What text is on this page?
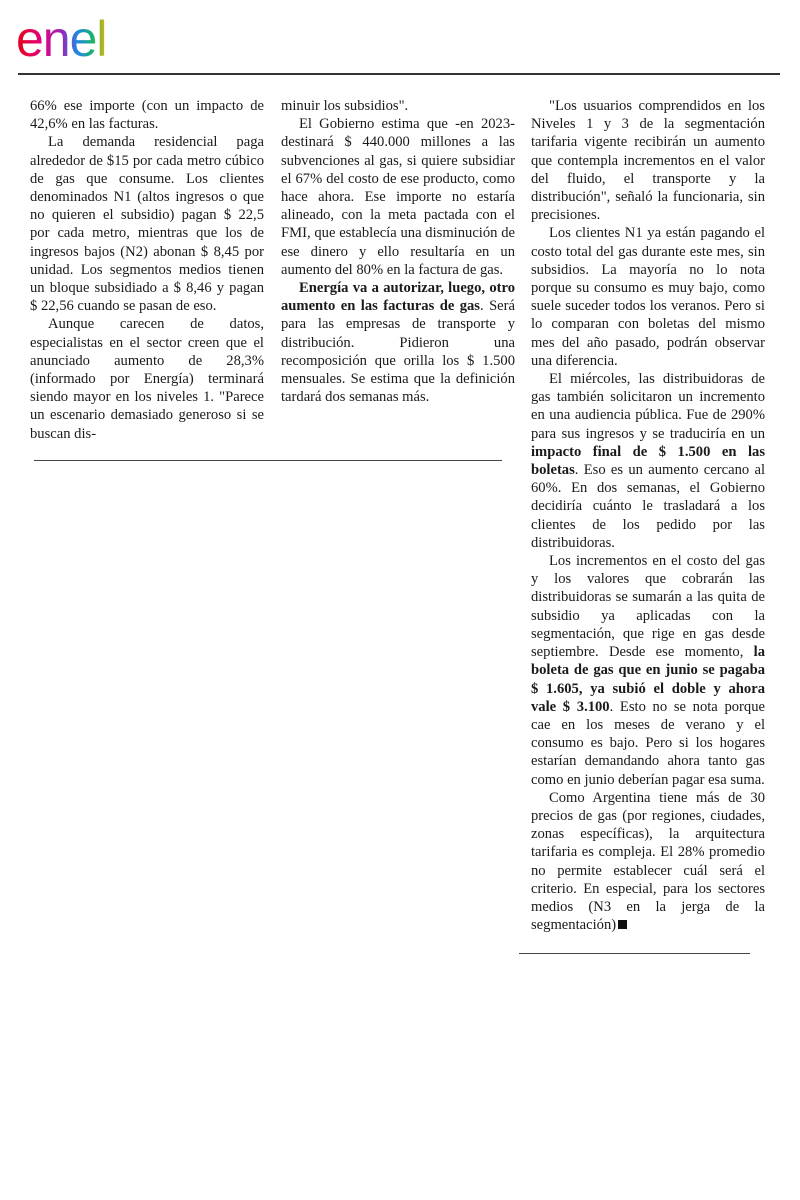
enel

66% ese importe (con un impacto de 42,6% en las facturas.

La demanda residencial paga alrededor de $15 por cada metro cúbico de gas que consume. Los clientes denominados N1 (altos ingresos o que no quieren el subsidio) pagan $ 22,5 por cada metro, mientras que los de ingresos bajos (N2) abonan $ 8,45 por unidad. Los segmentos medios tienen un bloque subsidiado a $ 8,46 y pagan $ 22,56 cuando se pasan de eso.

Aunque carecen de datos, especialistas en el sector creen que el anunciado aumento de 28,3% (informado por Energía) terminará siendo mayor en los niveles 1. "Parece un escenario demasiado generoso si se buscan dis-

minuir los subsidios".

El Gobierno estima que -en 2023- destinará $ 440.000 millones a las subvenciones al gas, si quiere subsidiar el 67% del costo de ese producto, como hace ahora. Ese importe no estaría alineado, con la meta pactada con el FMI, que establecía una disminución de ese dinero y ello resultaría en un aumento del 80% en la factura de gas.

Energía va a autorizar, luego, otro aumento en las facturas de gas. Será para las empresas de transporte y distribución. Pidieron una recomposición que orilla los $ 1.500 mensuales. Se estima que la definición tardará dos semanas más.

"Los usuarios comprendidos en los Niveles 1 y 3 de la segmentación tarifaria vigente recibirán un aumento que contempla incrementos en el valor del fluido, el transporte y la distribución", señaló la funcionaria, sin precisiones.

Los clientes N1 ya están pagando el costo total del gas durante este mes, sin subsidios. La mayoría no lo nota porque su consumo es muy bajo, como suele suceder todos los veranos. Pero si lo comparan con boletas del mismo mes del año pasado, podrán observar una diferencia.

El miércoles, las distribuidoras de gas también solicitaron un incremento en una audiencia pública. Fue de 290% para sus ingresos y se traduciría en un impacto final de $ 1.500 en las boletas. Eso es un aumento cercano al 60%. En dos semanas, el Gobierno decidiría cuánto le trasladará a los clientes de los pedido por las distribuidoras.

Los incrementos en el costo del gas y los valores que cobrarán las distribuidoras se sumarán a las quita de subsidio ya aplicadas con la segmentación, que rige en gas desde septiembre. Desde ese momento, la boleta de gas que en junio se pagaba $ 1.605, ya subió el doble y ahora vale $ 3.100. Esto no se nota porque cae en los meses de verano y el consumo es bajo. Pero si los hogares estarían demandando ahora tanto gas como en junio deberían pagar esa suma.

Como Argentina tiene más de 30 precios de gas (por regiones, ciudades, zonas específicas), la arquitectura tarifaria es compleja. El 28% promedio no permite establecer cuál será el criterio. En especial, para los sectores medios (N3 en la jerga de la segmentación)
